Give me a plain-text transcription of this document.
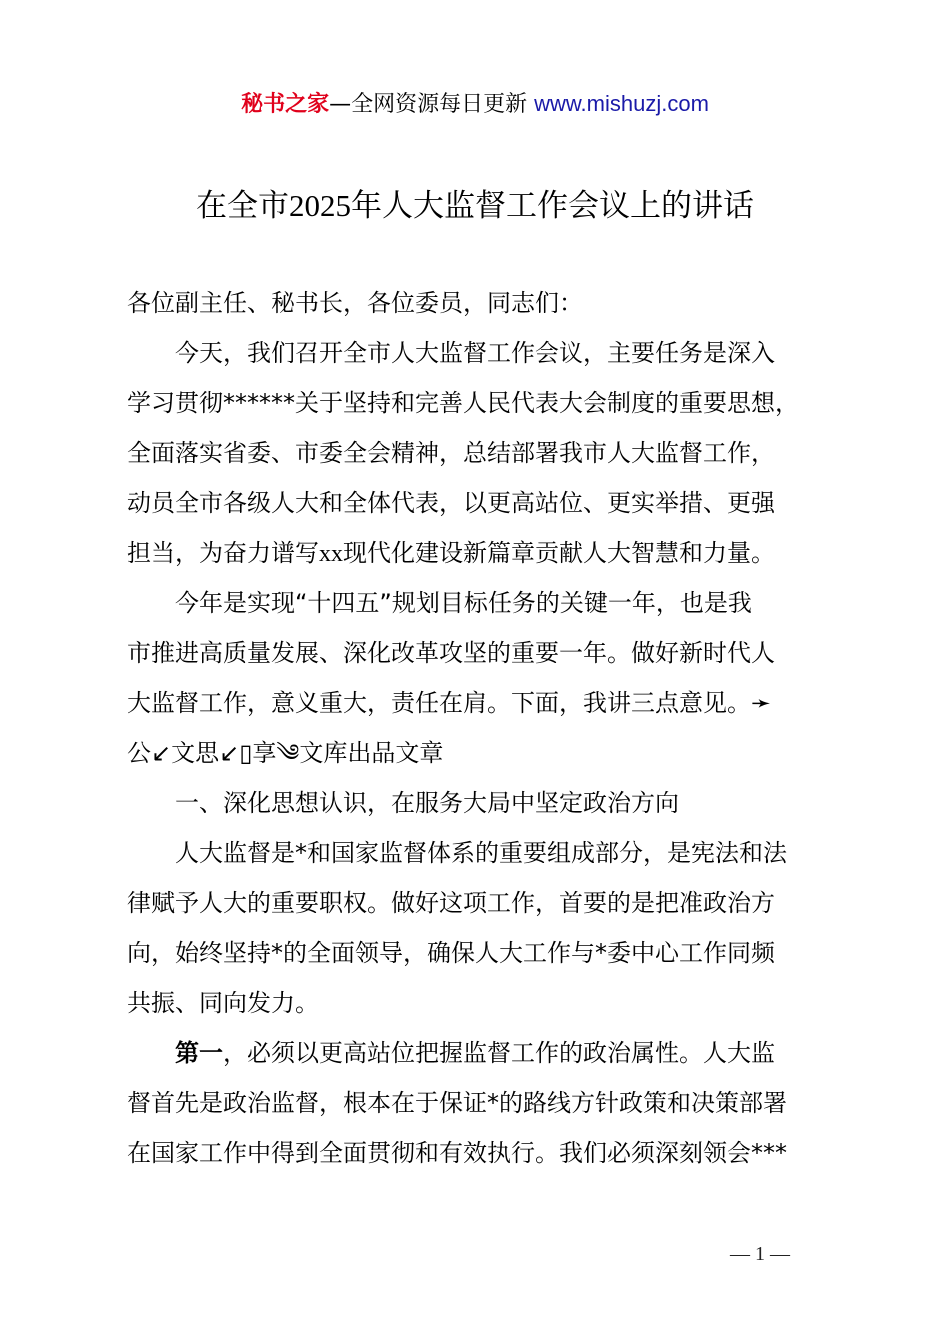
秘书之家—全网资源每日更新 www.mishuzj.com
在全市2025年人大监督工作会议上的讲话
各位副主任、秘书长，各位委员，同志们：
今天，我们召开全市人大监督工作会议，主要任务是深入
学习贯彻******关于坚持和完善人民代表大会制度的重要思想，
全面落实省委、市委全会精神，总结部署我市人大监督工作，
动员全市各级人大和全体代表，以更高站位、更实举措、更强
担当，为奋力谱写xx现代化建设新篇章贡献人大智慧和力量。
今年是实现“十四五”规划目标任务的关键一年，也是我
市推进高质量发展、深化改革攻坚的重要一年。做好新时代人
大监督工作，意义重大，责任在肩。下面，我讲三点意见。➛
公↙文思↙▯享༄文库出品文章
一、深化思想认识，在服务大局中坚定政治方向
人大监督是*和国家监督体系的重要组成部分，是宪法和法
律赋予人大的重要职权。做好这项工作，首要的是把准政治方
向，始终坚持*的全面领导，确保人大工作与*委中心工作同频
共振、同向发力。
第一，必须以更高站位把握监督工作的政治属性。人大监
督首先是政治监督，根本在于保证*的路线方针政策和决策部署
在国家工作中得到全面贯彻和有效执行。我们必须深刻领会***
— 1 —
